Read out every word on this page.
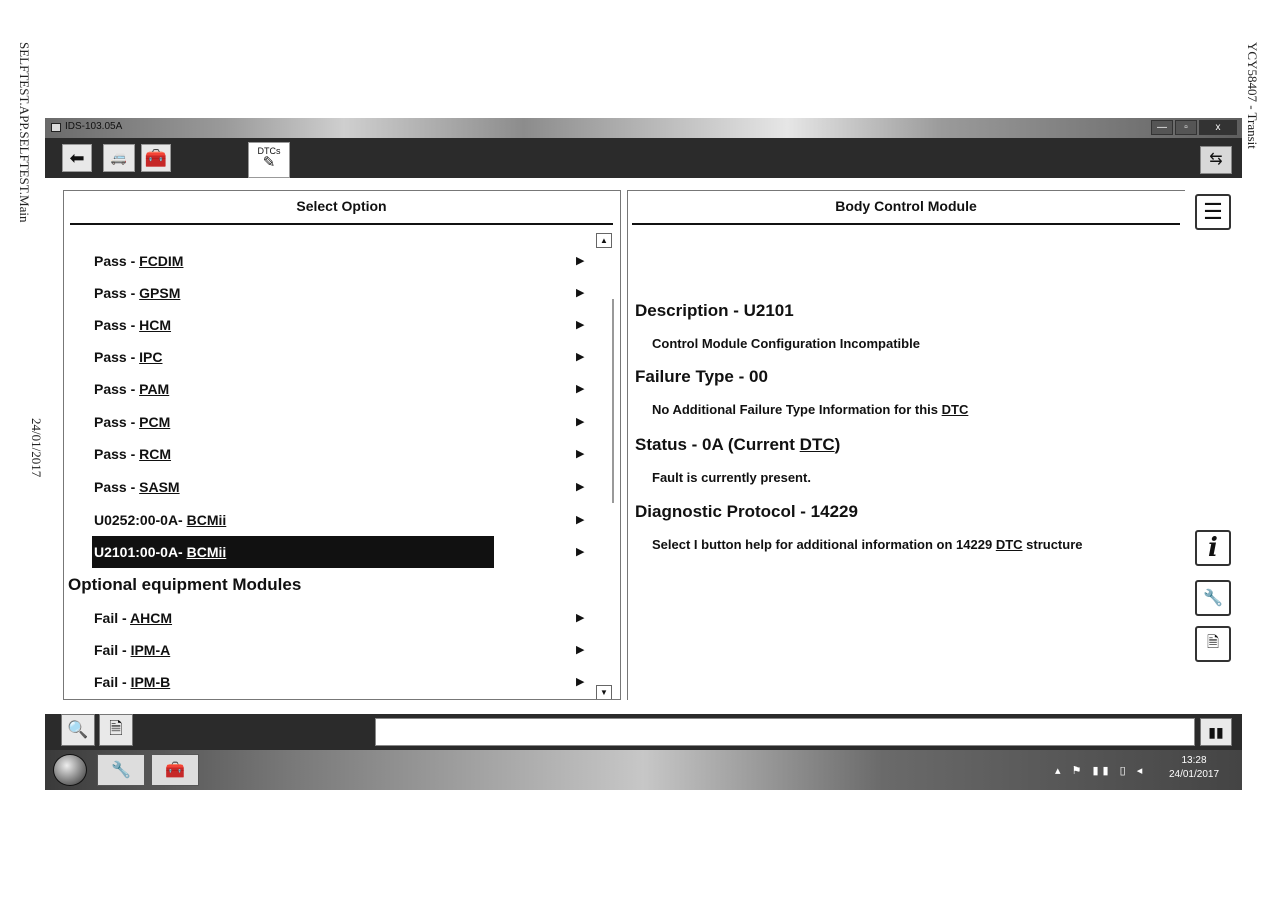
SELFTEST.APP.SELFTEST.Main
24/01/2017
YCY58407 - Transit
IDS-103.05A	—	▫	x
⬅	🚐 🧰	DTCs
✎	⇆
Select Option
▲
▼
Pass - FCDIM	▶
Pass - GPSM	▶
Pass - HCM	▶
Pass - IPC	▶
Pass - PAM	▶
Pass - PCM	▶
Pass - RCM	▶
Pass - SASM	▶
U0252:00-0A- BCMii	▶
U2101:00-0A- BCMii	▶
Optional equipment Modules
Fail - AHCM	▶
Fail - IPM-A	▶
Fail - IPM-B	▶
Body Control Module
Description - U2101
Control Module Configuration Incompatible
Failure Type - 00
No Additional Failure Type Information for this DTC
Status - 0A (Current DTC)
Fault is currently present.
Diagnostic Protocol - 14229
Select I button help for additional information on 14229 DTC structure
☰
i
🔧
🗎
🔍	🗎	▮▮
🔧	🧰	▴ ⚑ ▮▮ ▯ ◂
13:28
24/01/2017
